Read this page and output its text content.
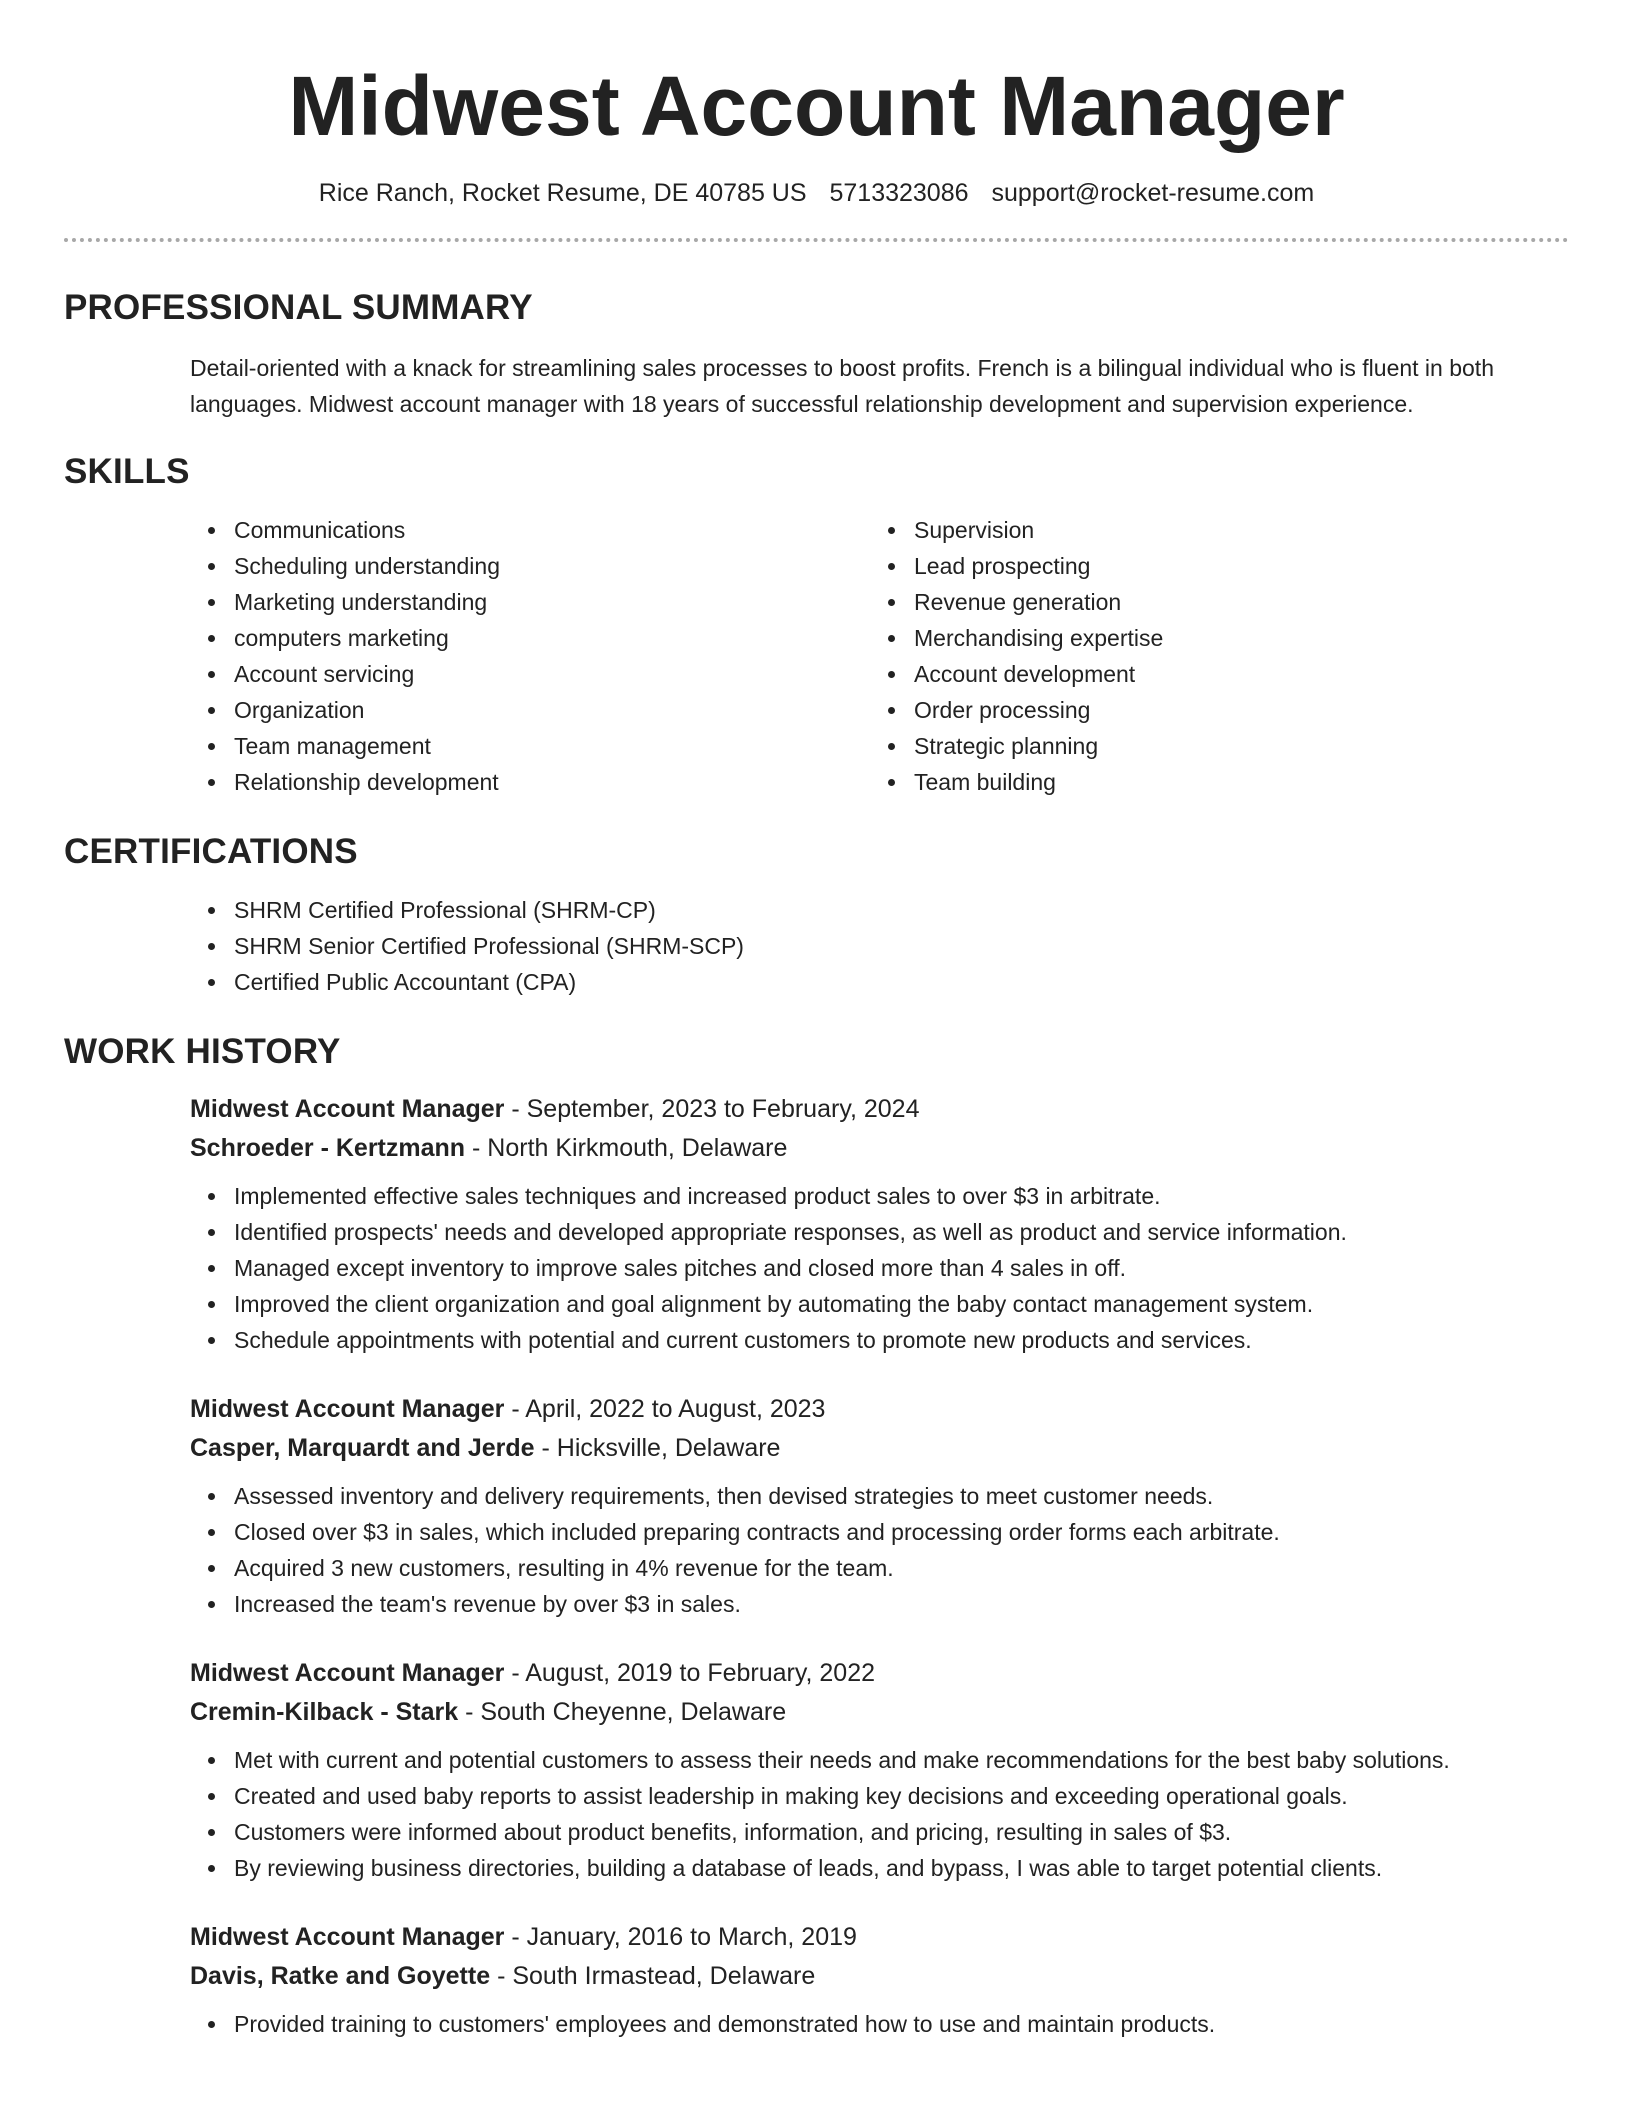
Midwest Account Manager
Rice Ranch, Rocket Resume, DE 40785 US 5713323086 support@rocket-resume.com
PROFESSIONAL SUMMARY

Detail-oriented with a knack for streamlining sales processes to boost profits. French is a bilingual individual who is fluent in both languages. Midwest account manager with 18 years of successful relationship development and supervision experience.

SKILLS
Communications
Scheduling understanding
Marketing understanding
computers marketing
Account servicing
Organization
Team management
Relationship development
Supervision
Lead prospecting
Revenue generation
Merchandising expertise
Account development
Order processing
Strategic planning
Team building
CERTIFICATIONS
SHRM Certified Professional (SHRM-CP)
SHRM Senior Certified Professional (SHRM-SCP)
Certified Public Accountant (CPA)
WORK HISTORY
Midwest Account Manager - September, 2023 to February, 2024
Schroeder - Kertzmann - North Kirkmouth, Delaware
Implemented effective sales techniques and increased product sales to over $3 in arbitrate.
Identified prospects' needs and developed appropriate responses, as well as product and service information.
Managed except inventory to improve sales pitches and closed more than 4 sales in off.
Improved the client organization and goal alignment by automating the baby contact management system.
Schedule appointments with potential and current customers to promote new products and services.
Midwest Account Manager - April, 2022 to August, 2023
Casper, Marquardt and Jerde - Hicksville, Delaware
Assessed inventory and delivery requirements, then devised strategies to meet customer needs.
Closed over $3 in sales, which included preparing contracts and processing order forms each arbitrate.
Acquired 3 new customers, resulting in 4% revenue for the team.
Increased the team's revenue by over $3 in sales.
Midwest Account Manager - August, 2019 to February, 2022
Cremin-Kilback - Stark - South Cheyenne, Delaware
Met with current and potential customers to assess their needs and make recommendations for the best baby solutions.
Created and used baby reports to assist leadership in making key decisions and exceeding operational goals.
Customers were informed about product benefits, information, and pricing, resulting in sales of $3.
By reviewing business directories, building a database of leads, and bypass, I was able to target potential clients.
Midwest Account Manager - January, 2016 to March, 2019
Davis, Ratke and Goyette - South Irmastead, Delaware
Provided training to customers' employees and demonstrated how to use and maintain products.
